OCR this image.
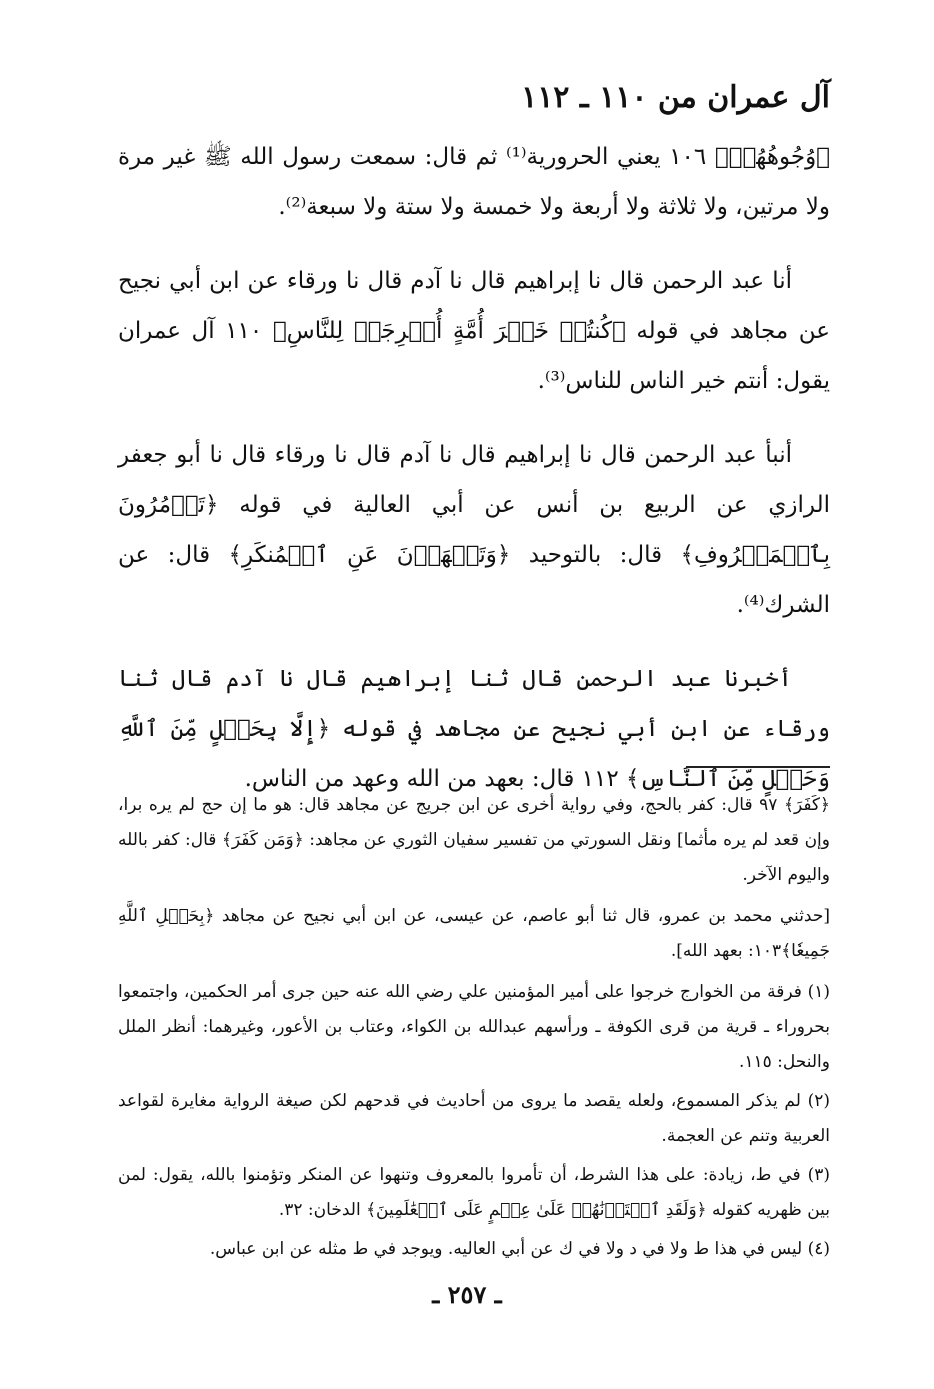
آل عمران من ١١٠ ـ ١١٢

﴿وُجُوهُهُمۡ﴾ ١٠٦ يعني الحرورية⁽¹⁾ ثم قال: سمعت رسول الله ﷺ غير مرة ولا مرتين، ولا ثلاثة ولا أربعة ولا خمسة ولا ستة ولا سبعة⁽²⁾.

أنا عبد الرحمن قال نا إبراهيم قال نا آدم قال نا ورقاء عن ابن أبي نجيح عن مجاهد في قوله ﴿كُنتُمۡ خَيۡرَ أُمَّةٍ أُخۡرِجَتۡ لِلنَّاسِ﴾ ١١٠ آل عمران يقول: أنتم خير الناس للناس⁽³⁾.

أنبأ عبد الرحمن قال نا إبراهيم قال نا آدم قال نا ورقاء قال نا أبو جعفر الرازي عن الربيع بن أنس عن أبي العالية في قوله ﴿تَأۡمُرُونَ بِٱلۡمَعۡرُوفِ﴾ قال: بالتوحيد ﴿وَتَنۡهَوۡنَ عَنِ ٱلۡمُنكَرِ﴾ قال: عن الشرك⁽⁴⁾.

أخبرنا عبد الرحمن قال ثنا إبراهيم قال نا آدم قال ثنا ورقاء عن ابن أبي نجيح عن مجاهد في قوله ﴿إِلَّا بِحَبۡلٍ مِّنَ ٱللَّهِ وَحَبۡلٍ مِّنَ ٱلنَّاسِ﴾ ١١٢ قال: بعهد من الله وعهد من الناس.

﴿كَفَرَ﴾ ٩٧ قال: كفر بالحج، وفي رواية أخرى عن ابن جريج عن مجاهد قال: هو ما إن حج لم يره برا، وإن قعد لم يره مأثما] ونقل السورتي من تفسير سفيان الثوري عن مجاهد: ﴿وَمَن كَفَرَ﴾ قال: كفر بالله واليوم الآخر.

[حدثني محمد بن عمرو، قال ثنا أبو عاصم، عن عيسى، عن ابن أبي نجيح عن مجاهد ﴿بِحَبۡلِ ٱللَّهِ جَمِيعٗا﴾١٠٣: بعهد الله].

(١) فرقة من الخوارج خرجوا على أمير المؤمنين علي رضي الله عنه حين جرى أمر الحكمين، واجتمعوا بحروراء ـ قرية من قرى الكوفة ـ ورأسهم عبدالله بن الكواء، وعتاب بن الأعور، وغيرهما: أنظر الملل والنحل: ١١٥.

(٢) لم يذكر المسموع، ولعله يقصد ما يروى من أحاديث في قدحهم لكن صيغة الرواية مغايرة لقواعد العربية وتنم عن العجمة.

(٣) في ط، زيادة: على هذا الشرط، أن تأمروا بالمعروف وتنهوا عن المنكر وتؤمنوا بالله، يقول: لمن بين ظهريه كقوله ﴿وَلَقَدِ ٱخۡتَرۡنَٰهُمۡ عَلَىٰ عِلۡمٍ عَلَى ٱلۡعَٰلَمِينَ﴾ الدخان: ٣٢.

(٤) ليس في هذا ط ولا في د ولا في ك عن أبي العاليه. ويوجد في ط مثله عن ابن عباس.

ـ ٢٥٧ ـ
